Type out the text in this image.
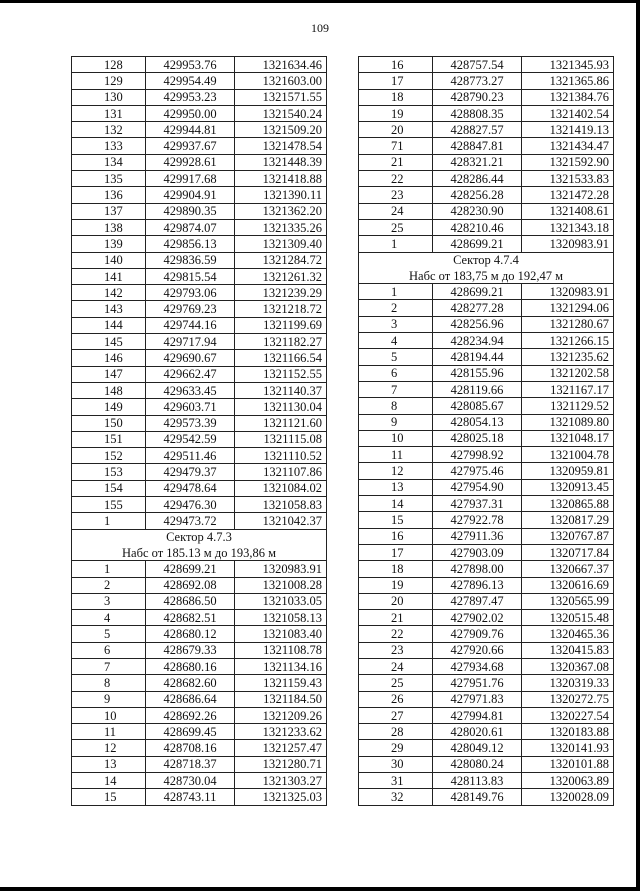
109
128	429953.76	1321634.46
129	429954.49	1321603.00
130	429953.23	1321571.55
131	429950.00	1321540.24
132	429944.81	1321509.20
133	429937.67	1321478.54
134	429928.61	1321448.39
135	429917.68	1321418.88
136	429904.91	1321390.11
137	429890.35	1321362.20
138	429874.07	1321335.26
139	429856.13	1321309.40
140	429836.59	1321284.72
141	429815.54	1321261.32
142	429793.06	1321239.29
143	429769.23	1321218.72
144	429744.16	1321199.69
145	429717.94	1321182.27
146	429690.67	1321166.54
147	429662.47	1321152.55
148	429633.45	1321140.37
149	429603.71	1321130.04
150	429573.39	1321121.60
151	429542.59	1321115.08
152	429511.46	1321110.52
153	429479.37	1321107.86
154	429478.64	1321084.02
155	429476.30	1321058.83
1	429473.72	1321042.37
Сектор 4.7.3		
Набс от 185.13 м до 193,86 м		
1	428699.21	1320983.91
2	428692.08	1321008.28
3	428686.50	1321033.05
4	428682.51	1321058.13
5	428680.12	1321083.40
6	428679.33	1321108.78
7	428680.16	1321134.16
8	428682.60	1321159.43
9	428686.64	1321184.50
10	428692.26	1321209.26
11	428699.45	1321233.62
12	428708.16	1321257.47
13	428718.37	1321280.71
14	428730.04	1321303.27
15	428743.11	1321325.03
16	428757.54	1321345.93
17	428773.27	1321365.86
18	428790.23	1321384.76
19	428808.35	1321402.54
20	428827.57	1321419.13
71	428847.81	1321434.47
21	428321.21	1321592.90
22	428286.44	1321533.83
23	428256.28	1321472.28
24	428230.90	1321408.61
25	428210.46	1321343.18
1	428699.21	1320983.91
Сектор 4.7.4		
Набс от 183,75 м до 192,47 м		
1	428699.21	1320983.91
2	428277.28	1321294.06
3	428256.96	1321280.67
4	428234.94	1321266.15
5	428194.44	1321235.62
6	428155.96	1321202.58
7	428119.66	1321167.17
8	428085.67	1321129.52
9	428054.13	1321089.80
10	428025.18	1321048.17
11	427998.92	1321004.78
12	427975.46	1320959.81
13	427954.90	1320913.45
14	427937.31	1320865.88
15	427922.78	1320817.29
16	427911.36	1320767.87
17	427903.09	1320717.84
18	427898.00	1320667.37
19	427896.13	1320616.69
20	427897.47	1320565.99
21	427902.02	1320515.48
22	427909.76	1320465.36
23	427920.66	1320415.83
24	427934.68	1320367.08
25	427951.76	1320319.33
26	427971.83	1320272.75
27	427994.81	1320227.54
28	428020.61	1320183.88
29	428049.12	1320141.93
30	428080.24	1320101.88
31	428113.83	1320063.89
32	428149.76	1320028.09
